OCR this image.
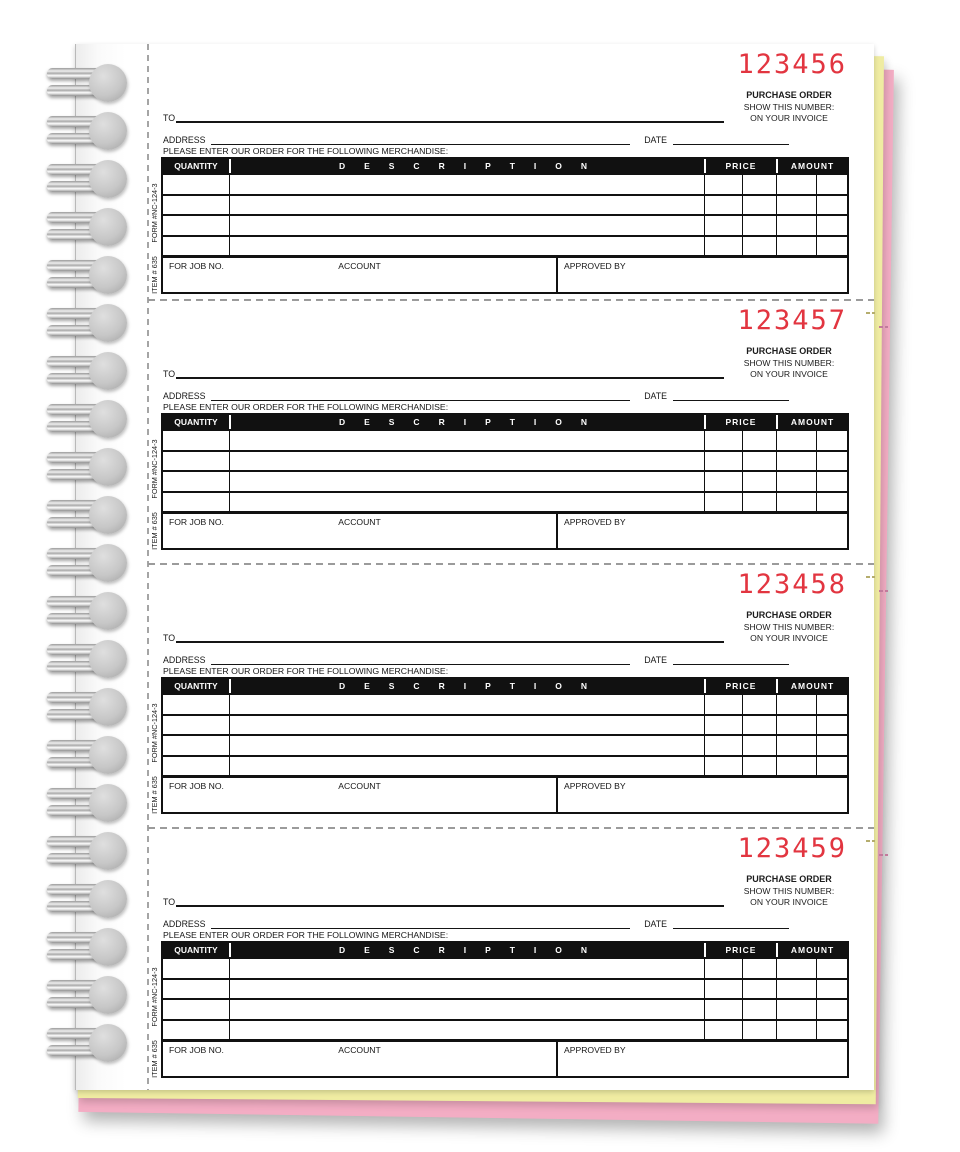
FORM #NC-124-3
ITEM # 635
123456
PURCHASE ORDER
SHOW THIS NUMBER:
ON YOUR INVOICE
TO
ADDRESS	DATE
PLEASE ENTER OUR ORDER FOR THE FOLLOWING MERCHANDISE:
QUANTITY	DESCRIPTION	PRICE	AMOUNT
FOR JOB NO.	ACCOUNT	APPROVED BY
FORM #NC-124-3
ITEM # 635
123457
PURCHASE ORDER
SHOW THIS NUMBER:
ON YOUR INVOICE
TO
ADDRESS	DATE
PLEASE ENTER OUR ORDER FOR THE FOLLOWING MERCHANDISE:
QUANTITY	DESCRIPTION	PRICE	AMOUNT
FOR JOB NO.	ACCOUNT	APPROVED BY
FORM #NC-124-3
ITEM # 635
123458
PURCHASE ORDER
SHOW THIS NUMBER:
ON YOUR INVOICE
TO
ADDRESS	DATE
PLEASE ENTER OUR ORDER FOR THE FOLLOWING MERCHANDISE:
QUANTITY	DESCRIPTION	PRICE	AMOUNT
FOR JOB NO.	ACCOUNT	APPROVED BY
FORM #NC-124-3
ITEM # 635
123459
PURCHASE ORDER
SHOW THIS NUMBER:
ON YOUR INVOICE
TO
ADDRESS	DATE
PLEASE ENTER OUR ORDER FOR THE FOLLOWING MERCHANDISE:
QUANTITY	DESCRIPTION	PRICE	AMOUNT
FOR JOB NO.	ACCOUNT	APPROVED BY
